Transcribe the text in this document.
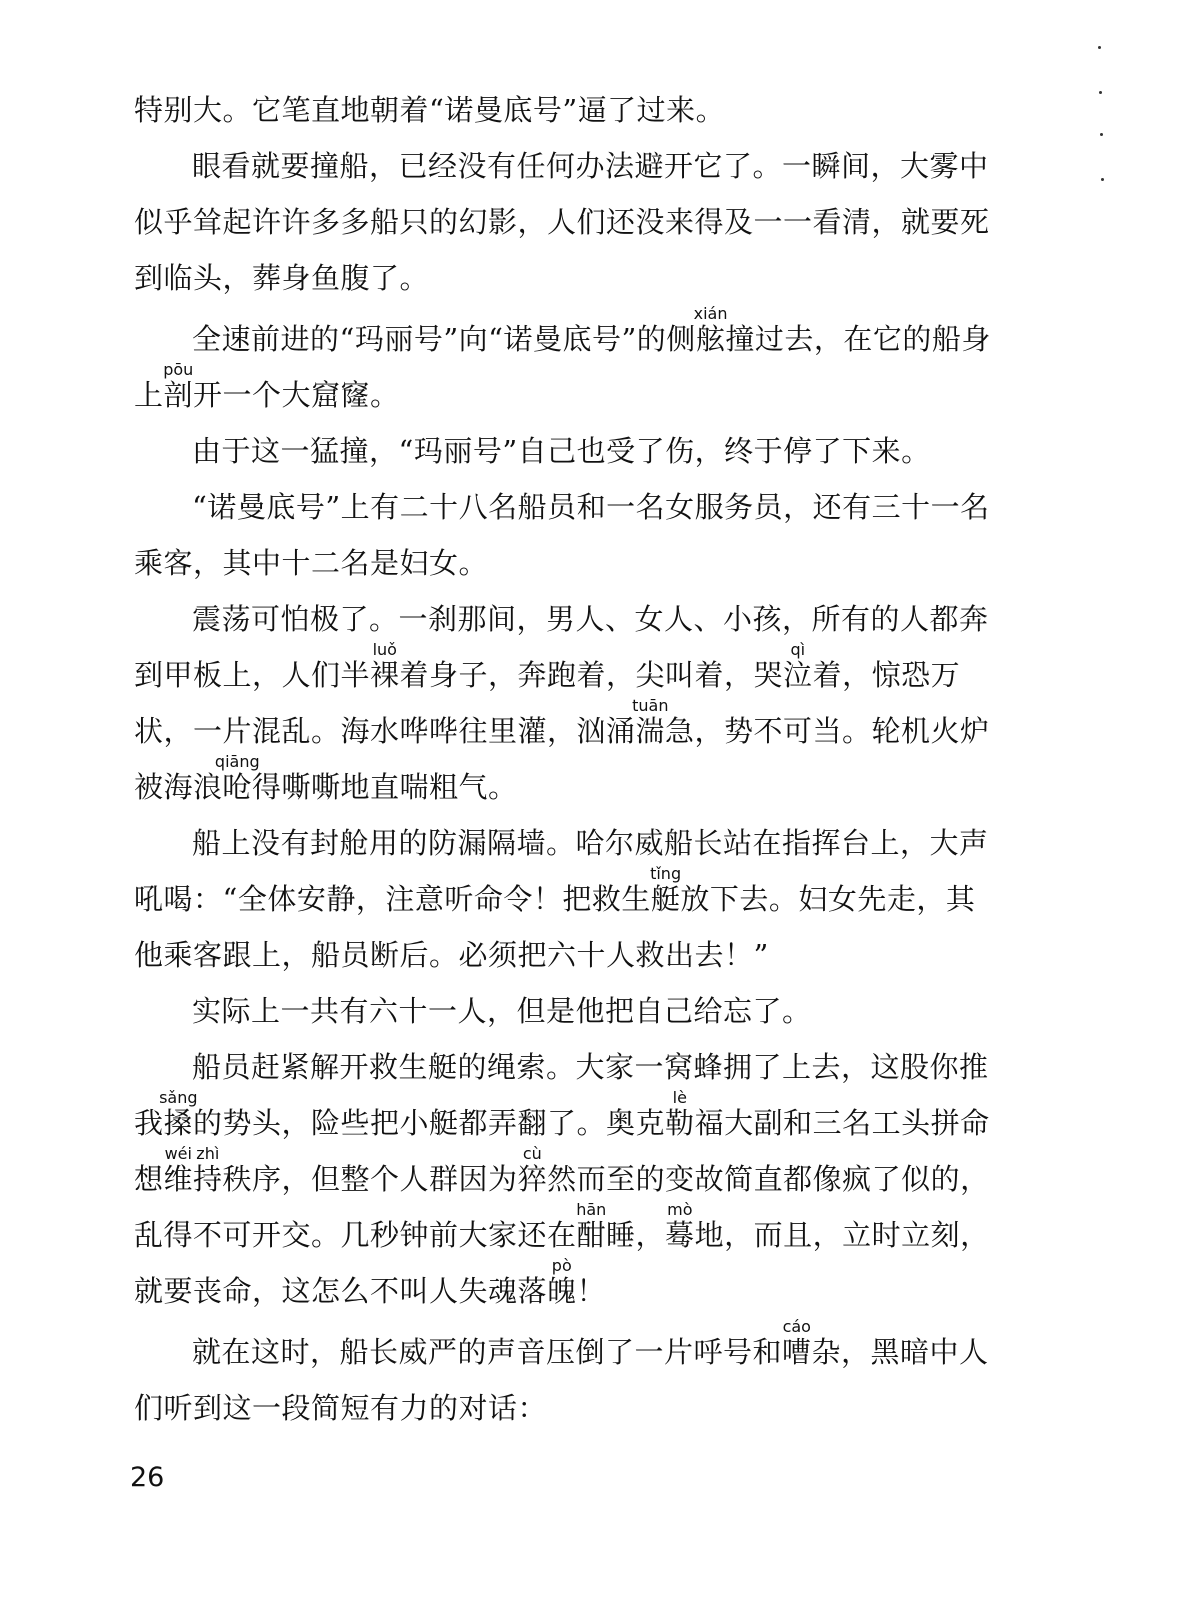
特别大。它笔直地朝着“诺曼底号”逼了过来。

眼看就要撞船，已经没有任何办法避开它了。一瞬间，大雾中似乎耸起许许多多船只的幻影，人们还没来得及一一看清，就要死到临头，葬身鱼腹了。

全速前进的“玛丽号”向“诺曼底号”的侧舷xián撞过去，在它的船身上剖pōu开一个大窟窿。

由于这一猛撞，“玛丽号”自己也受了伤，终于停了下来。

“诺曼底号”上有二十八名船员和一名女服务员，还有三十一名乘客，其中十二名是妇女。

震荡可怕极了。一刹那间，男人、女人、小孩，所有的人都奔到甲板上，人们半裸luǒ着身子，奔跑着，尖叫着，哭泣qì着，惊恐万状，一片混乱。海水哗哗往里灌，汹涌湍tuān急，势不可当。轮机火炉被海浪呛qiāng得嘶嘶地直喘粗气。

船上没有封舱用的防漏隔墙。哈尔威船长站在指挥台上，大声吼喝：“全体安静，注意听命令！把救生艇tǐng放下去。妇女先走，其他乘客跟上，船员断后。必须把六十人救出去！”

实际上一共有六十一人，但是他把自己给忘了。

船员赶紧解开救生艇的绳索。大家一窝蜂拥了上去，这股你推我搡sǎng的势头，险些把小艇都弄翻了。奥克勒lè福大副和三名工头拼命想维wéi持zhì秩序，但整个人群因为猝cù然而至的变故简直都像疯了似的，乱得不可开交。几秒钟前大家还在酣hān睡，蓦mò地，而且，立时立刻，就要丧命，这怎么不叫人失魂落魄pò！

就在这时，船长威严的声音压倒了一片呼号和嘈cáo杂，黑暗中人们听到这一段简短有力的对话：

26
